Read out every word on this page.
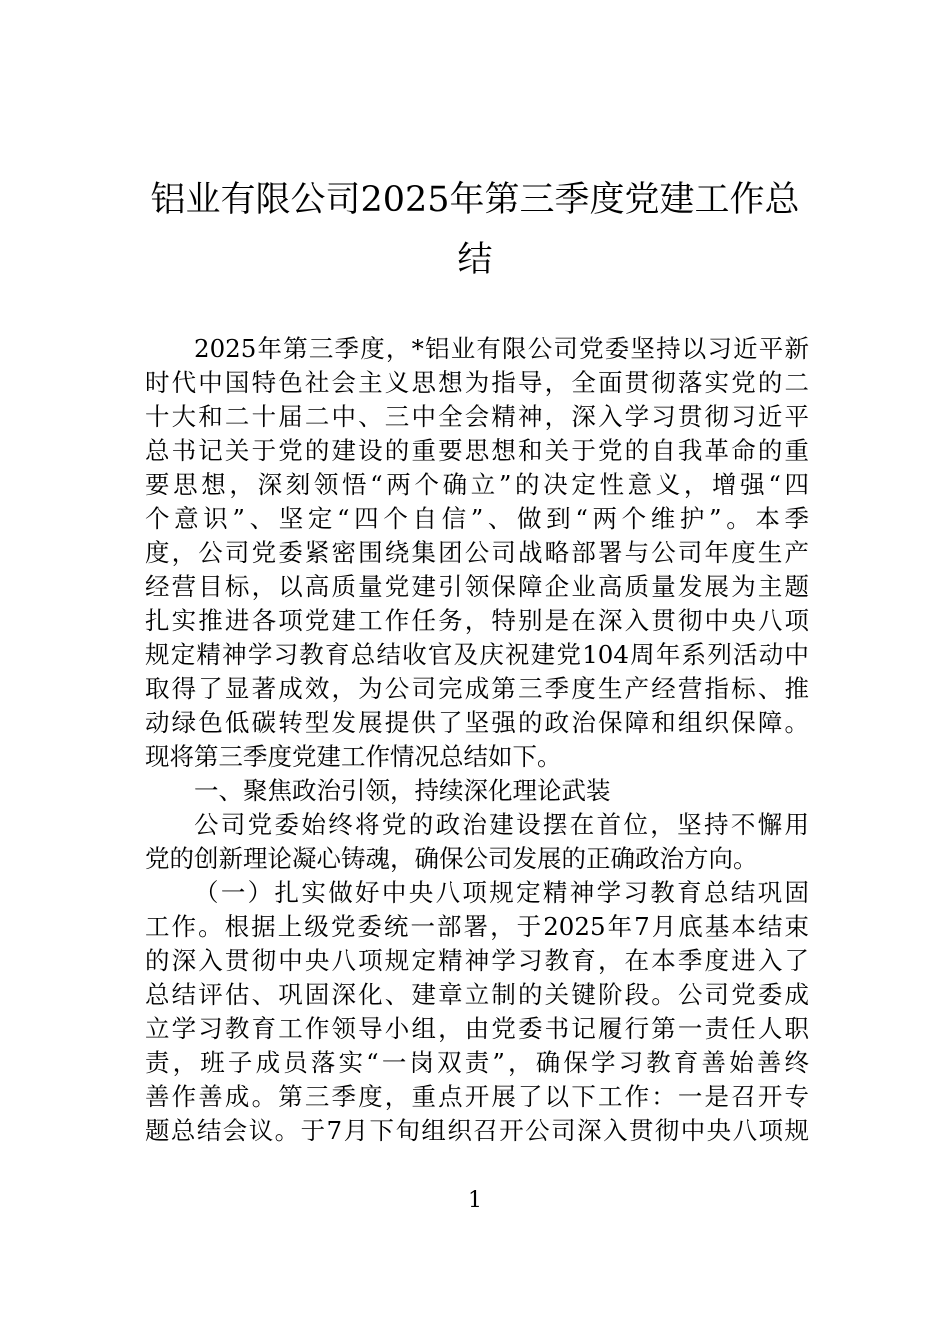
铝业有限公司2025年第三季度党建工作总
结
2025年第三季度，*铝业有限公司党委坚持以习近平新
时代中国特色社会主义思想为指导，全面贯彻落实党的二
十大和二十届二中、三中全会精神，深入学习贯彻习近平
总书记关于党的建设的重要思想和关于党的自我革命的重
要思想，深刻领悟“两个确立”的决定性意义，增强“四
个意识”、坚定“四个自信”、做到“两个维护”。本季
度，公司党委紧密围绕集团公司战略部署与公司年度生产
经营目标，以高质量党建引领保障企业高质量发展为主题
扎实推进各项党建工作任务，特别是在深入贯彻中央八项
规定精神学习教育总结收官及庆祝建党104周年系列活动中
取得了显著成效，为公司完成第三季度生产经营指标、推
动绿色低碳转型发展提供了坚强的政治保障和组织保障。
现将第三季度党建工作情况总结如下。
一、聚焦政治引领，持续深化理论武装
公司党委始终将党的政治建设摆在首位，坚持不懈用
党的创新理论凝心铸魂，确保公司发展的正确政治方向。
（一）扎实做好中央八项规定精神学习教育总结巩固
工作。根据上级党委统一部署，于2025年7月底基本结束
的深入贯彻中央八项规定精神学习教育，在本季度进入了
总结评估、巩固深化、建章立制的关键阶段。公司党委成
立学习教育工作领导小组，由党委书记履行第一责任人职
责，班子成员落实“一岗双责”，确保学习教育善始善终
善作善成。第三季度，重点开展了以下工作：一是召开专
题总结会议。于7月下旬组织召开公司深入贯彻中央八项规
1
